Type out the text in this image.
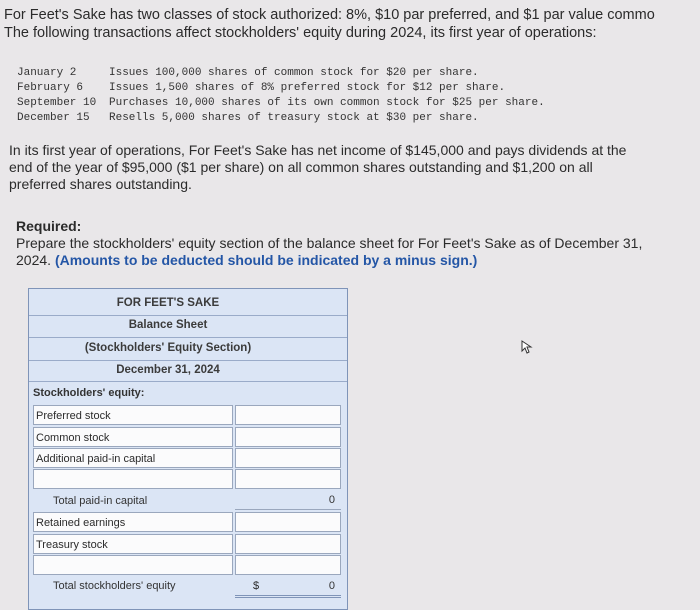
For Feet's Sake has two classes of stock authorized: 8%, $10 par preferred, and $1 par value commo
The following transactions affect stockholders' equity during 2024, its first year of operations:
January 2	Issues 100,000 shares of common stock for $20 per share.
February 6	Issues 1,500 shares of 8% preferred stock for $12 per share.
September 10	Purchases 10,000 shares of its own common stock for $25 per share.
December 15	Resells 5,000 shares of treasury stock at $30 per share.
In its first year of operations, For Feet's Sake has net income of $145,000 and pays dividends at the
end of the year of $95,000 ($1 per share) on all common shares outstanding and $1,200 on all
preferred shares outstanding.
Required:
Prepare the stockholders' equity section of the balance sheet for For Feet's Sake as of December 31,
2024. (Amounts to be deducted should be indicated by a minus sign.)
FOR FEET'S SAKE
Balance Sheet
(Stockholders' Equity Section)
December 31, 2024
Stockholders' equity:
Preferred stock
Common stock
Additional paid-in capital
Total paid-in capital	0
Retained earnings
Treasury stock
Total stockholders' equity	$	0
